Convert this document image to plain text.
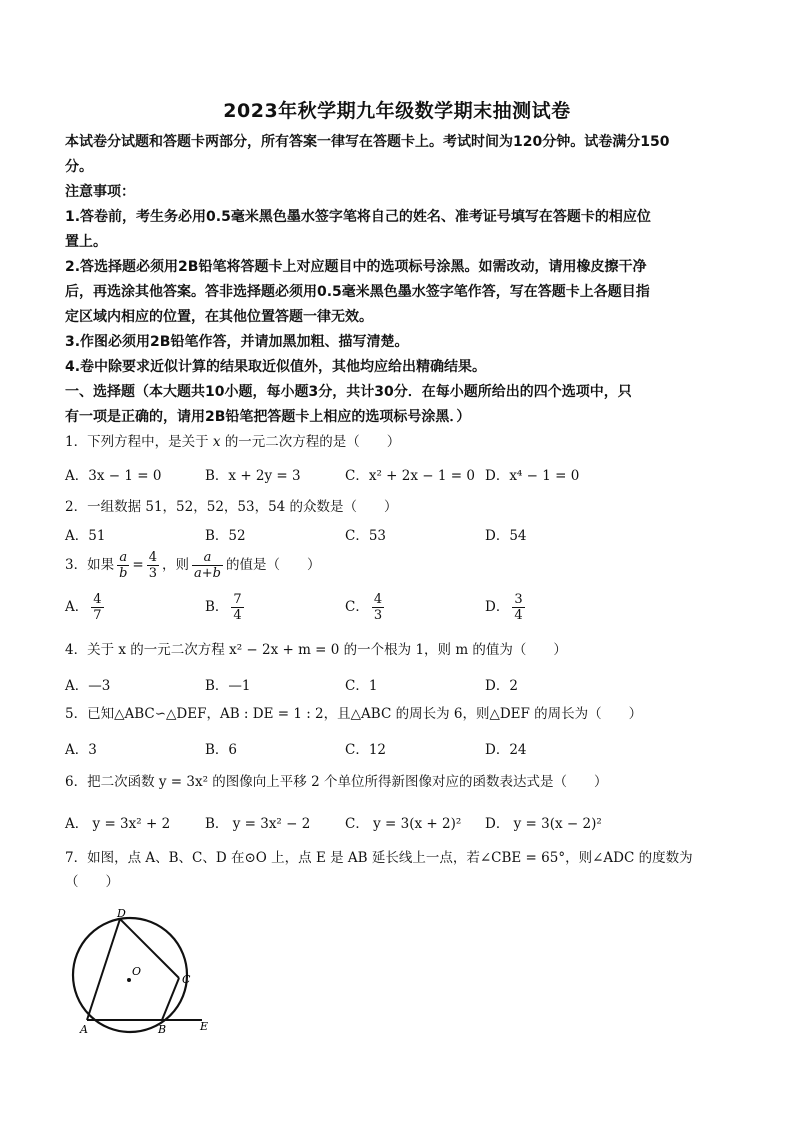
2023年秋学期九年级数学期末抽测试卷
本试卷分试题和答题卡两部分，所有答案一律写在答题卡上。考试时间为120分钟。试卷满分150
分。
注意事项：
1.答卷前，考生务必用0.5毫米黑色墨水签字笔将自己的姓名、准考证号填写在答题卡的相应位
置上。
2.答选择题必须用2B铅笔将答题卡上对应题目中的选项标号涂黑。如需改动，请用橡皮擦干净
后，再选涂其他答案。答非选择题必须用0.5毫米黑色墨水签字笔作答，写在答题卡上各题目指
定区域内相应的位置，在其他位置答题一律无效。
3.作图必须用2B铅笔作答，并请加黑加粗、描写清楚。
4.卷中除要求近似计算的结果取近似值外，其他均应给出精确结果。
一、选择题（本大题共10小题，每小题3分，共计30分．在每小题所给出的四个选项中，只
有一项是正确的，请用2B铅笔把答题卡上相应的选项标号涂黑．）
1．下列方程中，是关于 x 的一元二次方程的是（　　）
A．3x − 1 = 0	B．x + 2y = 3	C．x² + 2x − 1 = 0 D．x⁴ − 1 = 0
2．一组数据 51，52，52，53，54 的众数是（　　）
A．51	B．52	C．53	D．54
3．如果 $\frac{a}{b} = \frac{4}{3}$ ，则 $\frac{a}{a+b}$ 的值是（　　）
A． $\frac{4}{7}$	B． $\frac{7}{4}$	C． $\frac{4}{3}$	D． $\frac{3}{4}$
4．关于 x 的一元二次方程 x² − 2x + m = 0 的一个根为 1，则 m 的值为（　　）
A．—3	B．—1	C．1	D．2
5．已知△ABC∽△DEF，AB : DE = 1 : 2，且△ABC 的周长为 6，则△DEF 的周长为（　　）
A．3	B．6	C．12	D．24
6．把二次函数 y = 3x² 的图像向上平移 2 个单位所得新图像对应的函数表达式是（　　）
A． y = 3x² + 2	B． y = 3x² − 2	C． y = 3(x + 2)² D． y = 3(x − 2)²
7．如图，点 A、B、C、D 在⊙O 上，点 E 是 AB 延长线上一点，若∠CBE = 65°，则∠ADC 的度数为
（　　）
D
O
C
A	B	E
